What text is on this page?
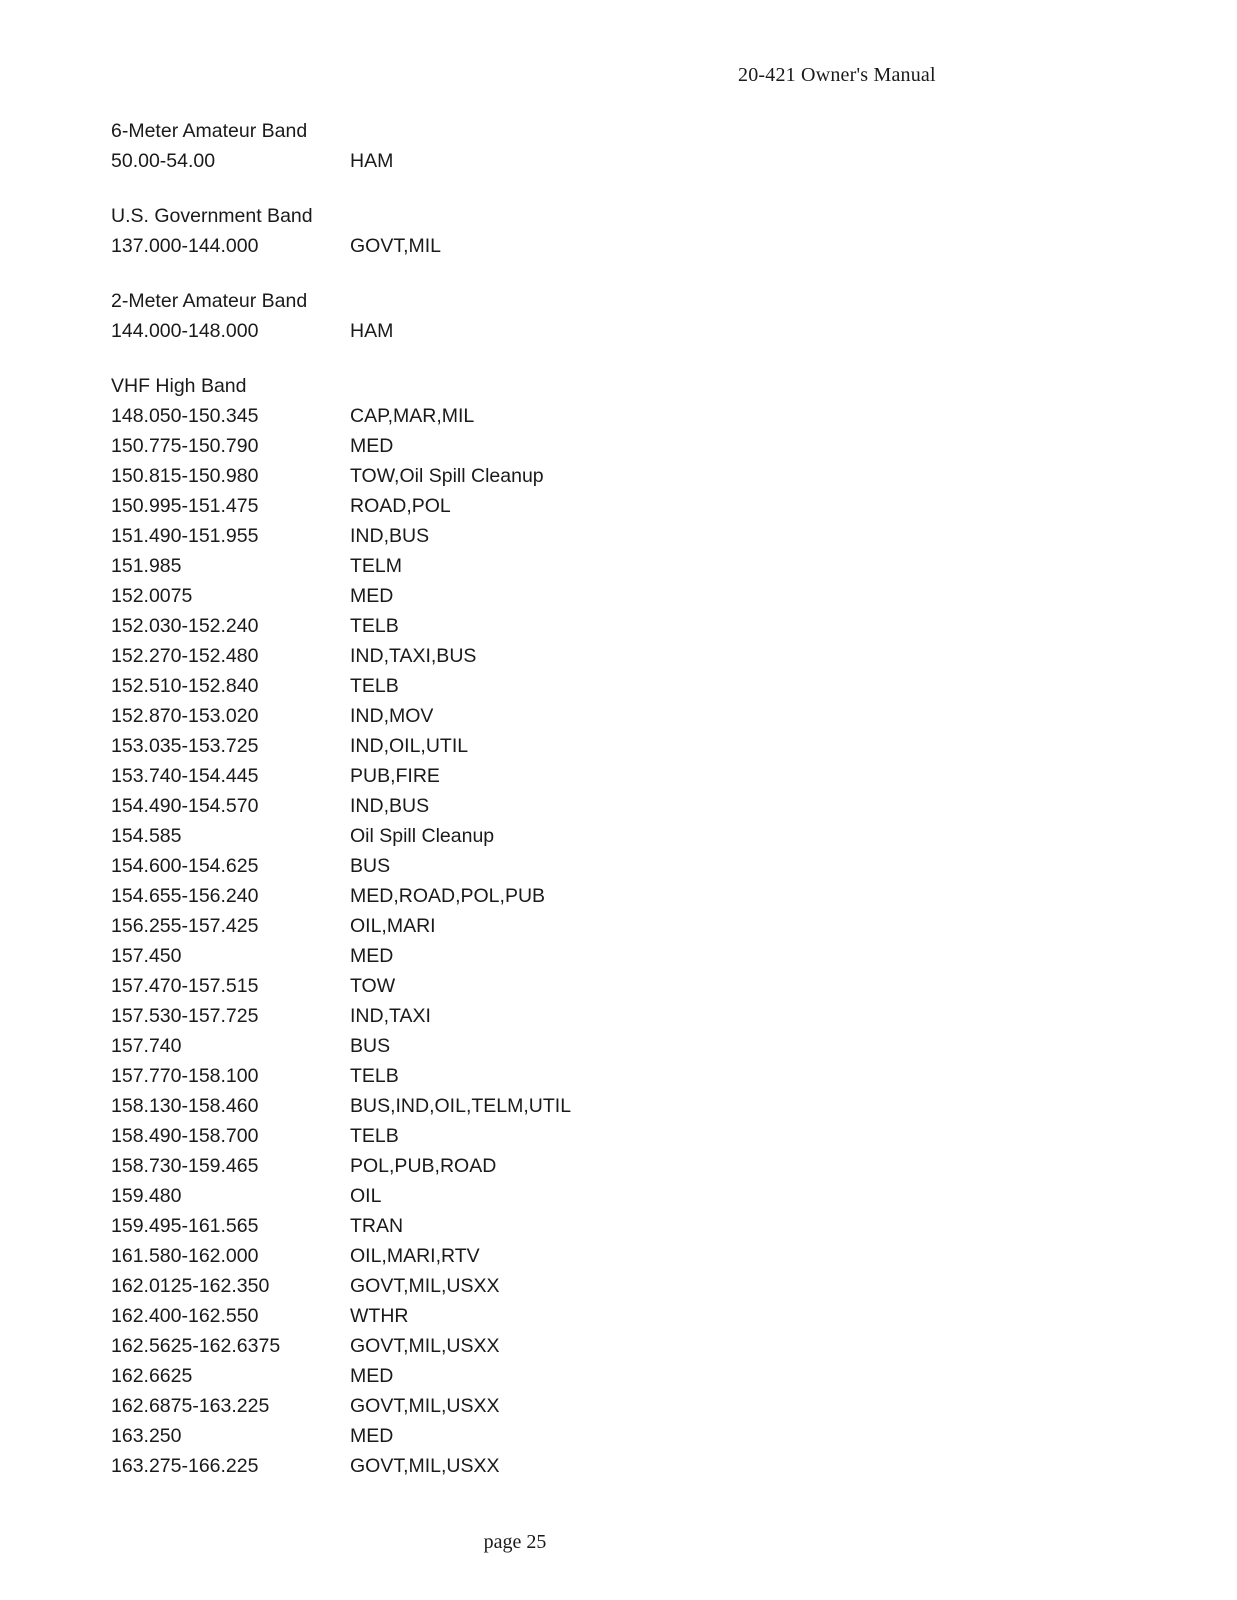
20-421 Owner's Manual
6-Meter Amateur Band
50.00-54.00	HAM
U.S. Government Band
137.000-144.000	GOVT,MIL
2-Meter Amateur Band
144.000-148.000	HAM
VHF High Band
148.050-150.345	CAP,MAR,MIL
150.775-150.790	MED
150.815-150.980	TOW,Oil Spill Cleanup
150.995-151.475	ROAD,POL
151.490-151.955	IND,BUS
151.985	TELM
152.0075	MED
152.030-152.240	TELB
152.270-152.480	IND,TAXI,BUS
152.510-152.840	TELB
152.870-153.020	IND,MOV
153.035-153.725	IND,OIL,UTIL
153.740-154.445	PUB,FIRE
154.490-154.570	IND,BUS
154.585	Oil Spill Cleanup
154.600-154.625	BUS
154.655-156.240	MED,ROAD,POL,PUB
156.255-157.425	OIL,MARI
157.450	MED
157.470-157.515	TOW
157.530-157.725	IND,TAXI
157.740	BUS
157.770-158.100	TELB
158.130-158.460	BUS,IND,OIL,TELM,UTIL
158.490-158.700	TELB
158.730-159.465	POL,PUB,ROAD
159.480	OIL
159.495-161.565	TRAN
161.580-162.000	OIL,MARI,RTV
162.0125-162.350	GOVT,MIL,USXX
162.400-162.550	WTHR
162.5625-162.6375	GOVT,MIL,USXX
162.6625	MED
162.6875-163.225	GOVT,MIL,USXX
163.250	MED
163.275-166.225	GOVT,MIL,USXX
page 25
